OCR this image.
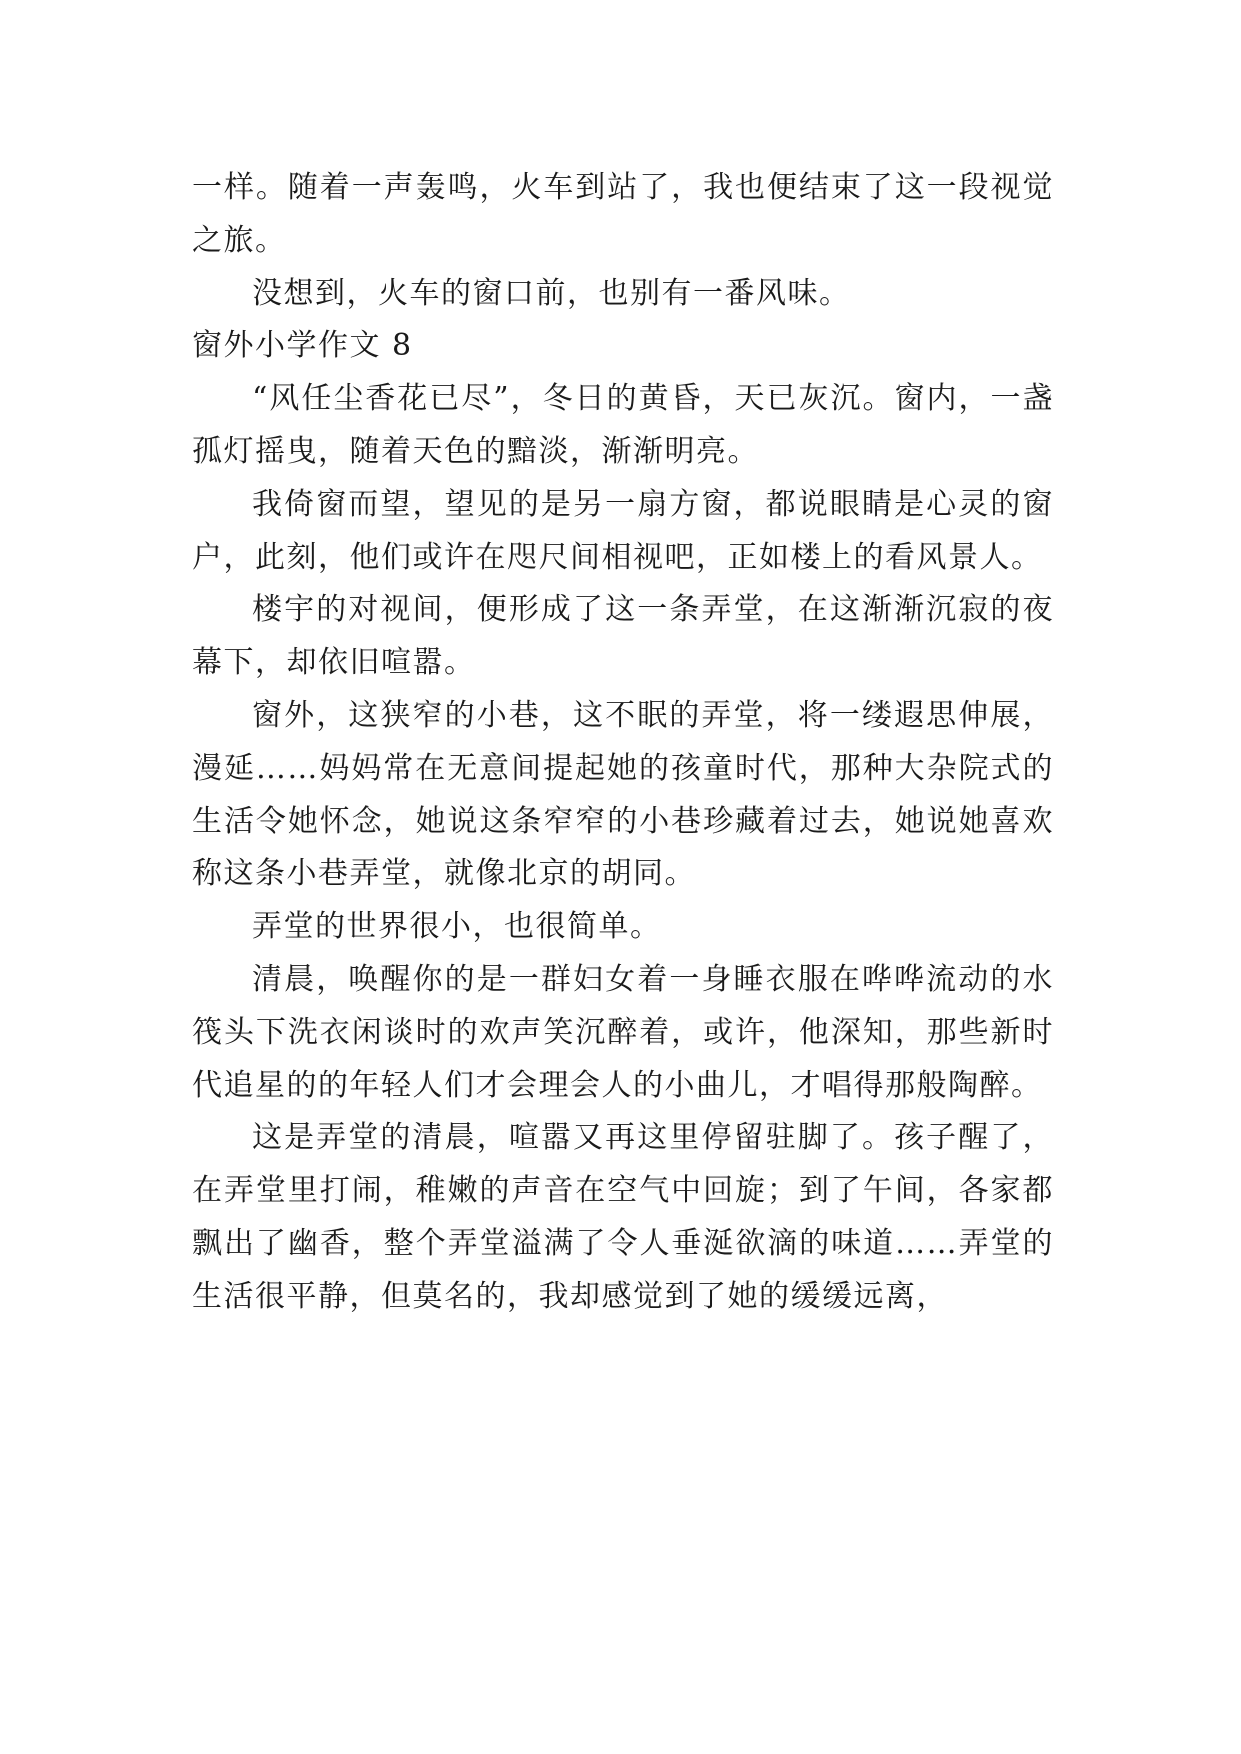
一样。随着一声轰鸣，火车到站了，我也便结束了这一段视觉之旅。

没想到，火车的窗口前，也别有一番风味。

窗外小学作文 8

“风任尘香花已尽”，冬日的黄昏，天已灰沉。窗内，一盏孤灯摇曳，随着天色的黯淡，渐渐明亮。

我倚窗而望，望见的是另一扇方窗，都说眼睛是心灵的窗户，此刻，他们或许在咫尺间相视吧，正如楼上的看风景人。

楼宇的对视间，便形成了这一条弄堂，在这渐渐沉寂的夜幕下，却依旧喧嚣。

窗外，这狭窄的小巷，这不眠的弄堂，将一缕遐思伸展，漫延……妈妈常在无意间提起她的孩童时代，那种大杂院式的生活令她怀念，她说这条窄窄的小巷珍藏着过去，她说她喜欢称这条小巷弄堂，就像北京的胡同。

弄堂的世界很小，也很简单。

清晨，唤醒你的是一群妇女着一身睡衣服在哗哗流动的水筏头下洗衣闲谈时的欢声笑沉醉着，或许，他深知，那些新时代追星的的年轻人们才会理会人的小曲儿，才唱得那般陶醉。

这是弄堂的清晨，喧嚣又再这里停留驻脚了。孩子醒了，在弄堂里打闹，稚嫩的声音在空气中回旋；到了午间，各家都飘出了幽香，整个弄堂溢满了令人垂涎欲滴的味道……弄堂的生活很平静，但莫名的，我却感觉到了她的缓缓远离，
